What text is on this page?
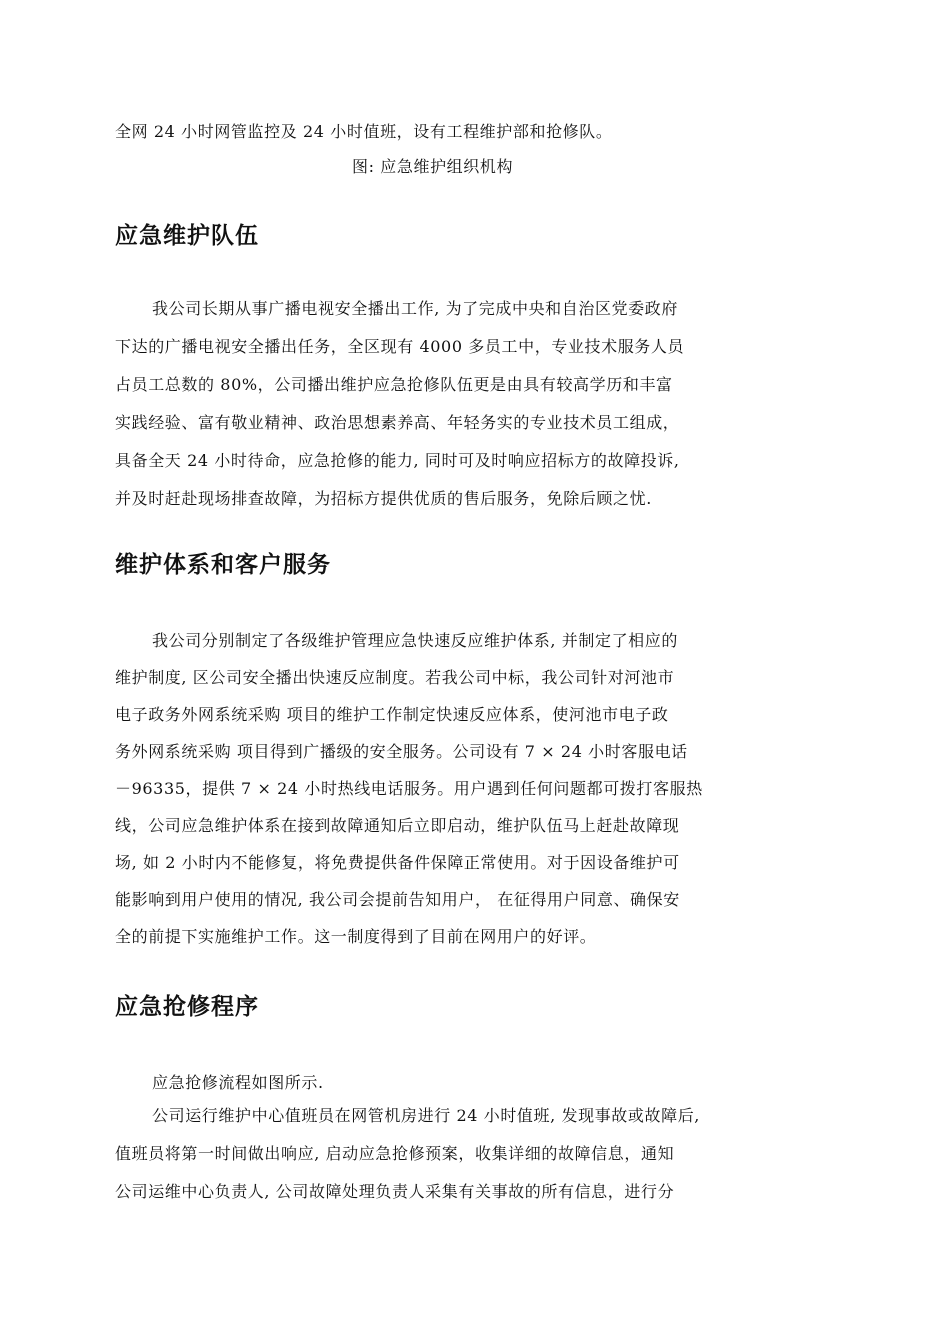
全网 24 小时网管监控及 24 小时值班，设有工程维护部和抢修队。
图: 应急维护组织机构
应急维护队伍
我公司长期从事广播电视安全播出工作, 为了完成中央和自治区党委政府
下达的广播电视安全播出任务，全区现有 4000 多员工中，专业技术服务人员
占员工总数的 80%，公司播出维护应急抢修队伍更是由具有较高学历和丰富
实践经验、富有敬业精神、政治思想素养高、年轻务实的专业技术员工组成，
具备全天 24 小时待命，应急抢修的能力, 同时可及时响应招标方的故障投诉,
并及时赶赴现场排查故障，为招标方提供优质的售后服务，免除后顾之忧.
维护体系和客户服务
我公司分别制定了各级维护管理应急快速反应维护体系, 并制定了相应的
维护制度, 区公司安全播出快速反应制度。若我公司中标，我公司针对河池市
电子政务外网系统采购 项目的维护工作制定快速反应体系，使河池市电子政
务外网系统采购 项目得到广播级的安全服务。公司设有 7 × 24 小时客服电话
－96335，提供 7 × 24 小时热线电话服务。用户遇到任何问题都可拨打客服热
线，公司应急维护体系在接到故障通知后立即启动，维护队伍马上赶赴故障现
场, 如 2 小时内不能修复，将免费提供备件保障正常使用。对于因设备维护可
能影响到用户使用的情况, 我公司会提前告知用户， 在征得用户同意、确保安
全的前提下实施维护工作。这一制度得到了目前在网用户的好评。
应急抢修程序
应急抢修流程如图所示.
公司运行维护中心值班员在网管机房进行 24 小时值班, 发现事故或故障后,
值班员将第一时间做出响应, 启动应急抢修预案，收集详细的故障信息，通知
公司运维中心负责人, 公司故障处理负责人采集有关事故的所有信息，进行分
